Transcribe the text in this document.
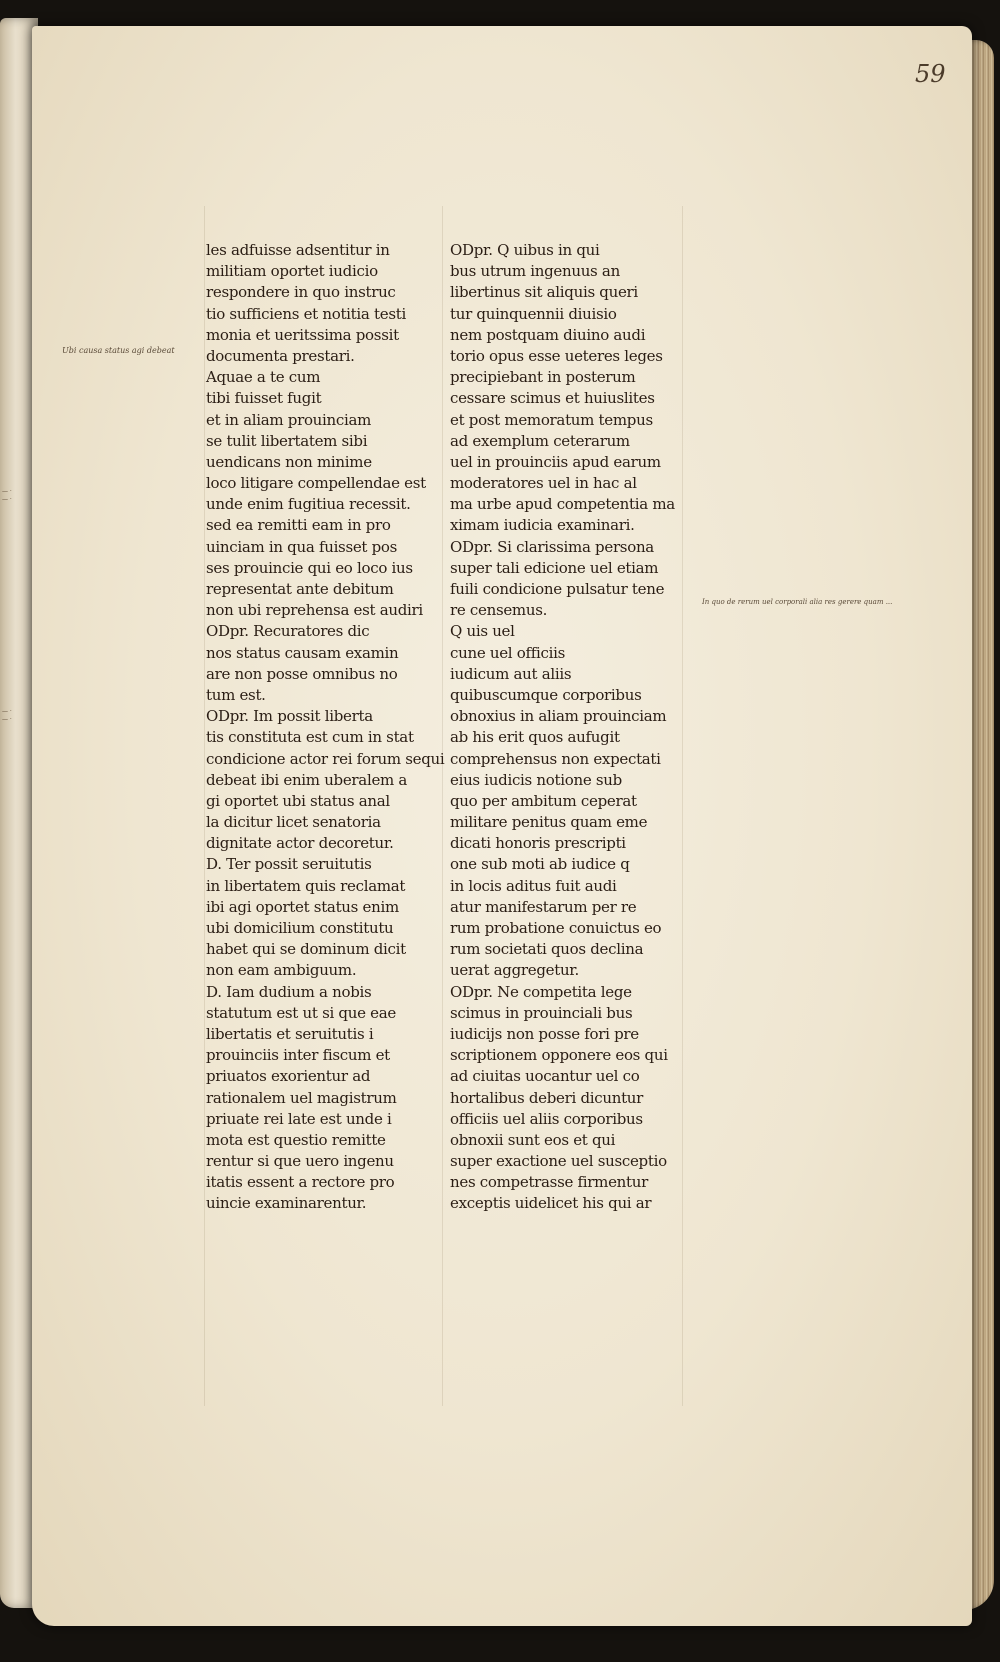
— ·
— ·
— ·
— ·
59
Ubi causa status agi debeat
In quo de rerum uel corporali alia res gerere quam ...
les adfuisse adsentitur in
militiam oportet iudicio
respondere in quo instruc
tio sufficiens et notitia testi
monia et ueritssima possit
documenta prestari.
Aquae a te cum
tibi fuisset fugit
et in aliam prouinciam
se tulit libertatem sibi
uendicans non minime
loco litigare compellendae est
unde enim fugitiua recessit.
sed ea remitti eam in pro
uinciam in qua fuisset pos
ses prouincie qui eo loco ius
representat ante debitum
non ubi reprehensa est audiri
ODpr. Recuratores dic
nos status causam examin
are non posse omnibus no
tum est.
ODpr. Im possit liberta
tis constituta est cum in stat
condicione actor rei forum sequi
debeat ibi enim uberalem a
gi oportet ubi status anal
la dicitur licet senatoria
dignitate actor decoretur.
D. Ter possit seruitutis
in libertatem quis reclamat
ibi agi oportet status enim
ubi domicilium constitutu
habet qui se dominum dicit
non eam ambiguum.
D. Iam dudium a nobis
statutum est ut si que eae
libertatis et seruitutis i
prouinciis inter fiscum et
priuatos exorientur ad
rationalem uel magistrum
priuate rei late est unde i
mota est questio remitte
rentur si que uero ingenu
itatis essent a rectore pro
uincie examinarentur.
ODpr. Q uibus in qui
bus utrum ingenuus an
libertinus sit aliquis queri
tur quinquennii diuisio
nem postquam diuino audi
torio opus esse ueteres leges
precipiebant in posterum
cessare scimus et huiuslites
et post memoratum tempus
ad exemplum ceterarum
uel in prouinciis apud earum
moderatores uel in hac al
ma urbe apud competentia ma
ximam iudicia examinari.
ODpr. Si clarissima persona
super tali edicione uel etiam
fuili condicione pulsatur tene
re censemus.
Q uis uel
cune uel officiis
iudicum aut aliis
quibuscumque corporibus
obnoxius in aliam prouinciam
ab his erit quos aufugit
comprehensus non expectati
eius iudicis notione sub
quo per ambitum ceperat
militare penitus quam eme
dicati honoris prescripti
one sub moti ab iudice q
in locis aditus fuit audi
atur manifestarum per re
rum probatione conuictus eo
rum societati quos declina
uerat aggregetur.
ODpr. Ne competita lege
scimus in prouinciali bus
iudicijs non posse fori pre
scriptionem opponere eos qui
ad ciuitas uocantur uel co
hortalibus deberi dicuntur
officiis uel aliis corporibus
obnoxii sunt eos et qui
super exactione uel susceptio
nes competrasse firmentur
exceptis uidelicet his qui ar
